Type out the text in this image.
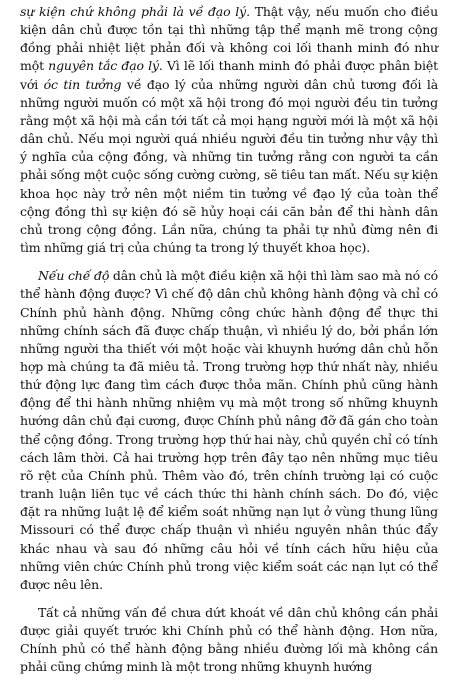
sự kiện chứ không phải là về đạo lý. Thật vậy, nếu muốn cho điều kiện dân chủ được tồn tại thì những tập thể mạnh mẽ trong cộng đồng phải nhiệt liệt phản đối và không coi lối thanh minh đó như một nguyên tắc đạo lý. Vì lẽ lối thanh minh đó phải được phân biệt với óc tin tưởng về đạo lý của những người dân chủ tương đối là những người muốn có một xã hội trong đó mọi người đều tin tưởng rằng một xã hội mà cần tới tất cả mọi hạng người mới là một xã hội dân chủ. Nếu mọi người quá nhiều người đều tin tưởng như vậy thì ý nghĩa của cộng đồng, và những tin tưởng rằng con người ta cần phải sống một cuộc sống cường cường, sẽ tiêu tan mất. Nếu sự kiện khoa học này trở nên một niềm tin tưởng về đạo lý của toàn thể cộng đồng thì sự kiện đó sẽ hủy hoại cái căn bản để thi hành dân chủ trong cộng đồng. Lần nữa, chúng ta phải tự nhủ đừng nên đi tìm những giá trị của chúng ta trong lý thuyết khoa học).

Nếu chế độ dân chủ là một điều kiện xã hội thì làm sao mà nó có thể hành động được? Vì chế độ dân chủ không hành động và chỉ có Chính phủ hành động. Những công chức hành động để thực thi những chính sách đã được chấp thuận, vì nhiều lý do, bởi phần lớn những người tha thiết với một hoặc vài khuynh hướng dân chủ hỗn hợp mà chúng ta đã miêu tả. Trong trường hợp thứ nhất này, nhiều thứ động lực đang tìm cách được thỏa mãn. Chính phủ cũng hành động để thi hành những nhiệm vụ mà một trong số những khuynh hướng dân chủ đại cương, được Chính phủ nâng đỡ đã gán cho toàn thể cộng đồng. Trong trường hợp thứ hai này, chủ quyền chỉ có tính cách lâm thời. Cả hai trường hợp trên đây tạo nên những mục tiêu rõ rệt của Chính phủ. Thêm vào đó, trên chính trường lại có cuộc tranh luận liên tục về cách thức thi hành chính sách. Do đó, việc đặt ra những luật lệ để kiểm soát những nạn lụt ở vùng thung lũng Missouri có thể được chấp thuận vì nhiều nguyên nhân thúc đẩy khác nhau và sau đó những câu hỏi về tính cách hữu hiệu của những viên chức Chính phủ trong việc kiểm soát các nạn lụt có thể được nêu lên.

Tất cả những vấn đề chưa dứt khoát về dân chủ không cần phải được giải quyết trước khi Chính phủ có thể hành động. Hơn nữa, Chính phủ có thể hành động bằng nhiều đường lối mà không cần phải cũng chứng minh là một trong những khuynh hướng
